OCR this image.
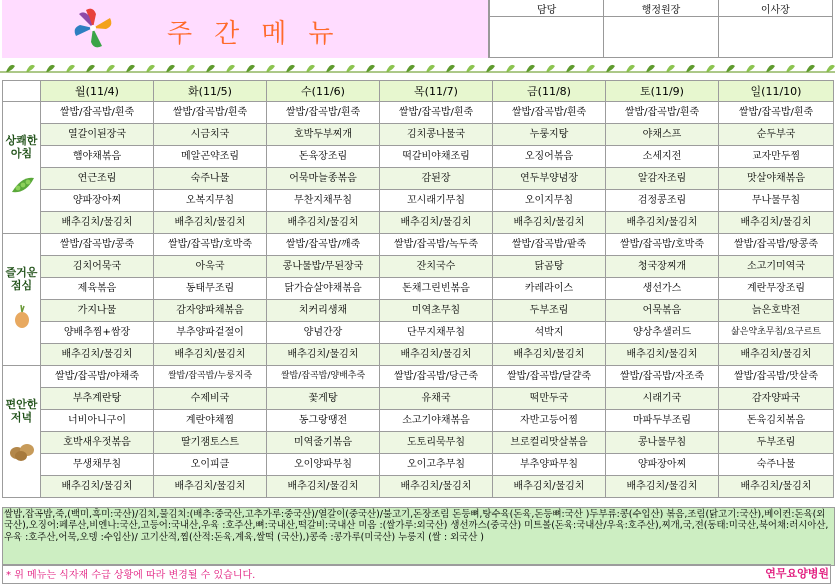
주간메뉴
담당	행정원장	이사장
	월(11/4)	화(11/5)	수(11/6)	목(11/7)	금(11/8)	토(11/9)	일(11/10)

상쾌한
아침	쌀밥/잡곡밥/흰죽	쌀밥/잡곡밥/흰죽	쌀밥/잡곡밥/흰죽	쌀밥/잡곡밥/흰죽	쌀밥/잡곡밥/흰죽	쌀밥/잡곡밥/흰죽	쌀밥/잡곡밥/흰죽
	열갈이된장국	시금치국	호박두부찌개	김치콩나물국	누룽지탕	야채스프	순두부국
	햄야채볶음	메알곤약조림	돈육장조림	떡갈비야채조림	오징어볶음	소세지전	교자만두찜
	연근조림	숙주나물	어묵마늘종볶음	감된장	연두부양념장	알감자조림	맛살야채볶음
	양파장아찌	오복지무침	무찬지채무침	꼬시래기무침	오이지무침	검정콩조림	무나물무침
	배추김치/물김치	배추김치/물김치	배추김치/물김치	배추김치/물김치	배추김치/물김치	배추김치/물김치	배추김치/물김치

즐거운
점심	쌀밥/잡곡밥/콩죽	쌀밥/잡곡밥/호박죽	쌀밥/잡곡밥/깨죽	쌀밥/잡곡밥/녹두죽	쌀밥/잡곡밥/팥죽	쌀밥/잡곡밥/호박죽	쌀밥/잡곡밥/땅콩죽
	김치어묵국	아욱국	콩나물밥/무된장국	잔치국수	닭곰탕	청국장찌개	소고기미역국
	제육볶음	동태무조림	닭가슴살야채볶음	돈채그린빈볶음	카레라이스	생선가스	계란무장조림
	가지나물	감자양파채볶음	치커리생채	미역초무침	두부조림	어묵볶음	늙은호박전
	양배추찜+쌈장	부추양파겉절이	양념간장	단무지채무침	석박지	양상추샐러드	삶은약초무침/요구르트
	배추김치/물김치	배추김치/물김치	배추김치/물김치	배추김치/물김치	배추김치/물김치	배추김치/물김치	배추김치/물김치

편안한
저녁	쌀밥/잡곡밥/야채죽	쌀밥/잡곡밥/누룽지죽	쌀밥/잡곡밥/양배추죽	쌀밥/잡곡밥/당근죽	쌀밥/잡곡밥/달걀죽	쌀밥/잡곡밥/자조죽	쌀밥/잡곡밥/맛살죽
	부추계란탕	수제비국	꽃게탕	유채국	떡만두국	시래기국	감자양파국
	너비아니구이	계란야채찜	동그랑땡전	소고기야채볶음	자반고등어찜	마파두부조림	돈육김치볶음
	호박새우젓볶음	딸기잼토스트	미역줄기볶음	도토리묵무침	브로컬리맛살볶음	콩나물무침	두부조림
	무생채무침	오이피클	오이양파무침	오이고추무침	부추양파무침	양파장아찌	숙주나물
	배추김치/물김치	배추김치/물김치	배추김치/물김치	배추김치/물김치	배추김치/물김치	배추김치/물김치	배추김치/물김치
쌀밥,잡곡밥,죽,(백미,흑미:국산)/김치,물김치:(배추:중국산,고추가루:중국산)/열갈이(중국산)/불고기,돈장조림 돈등뼈,탕수육(돈육,돈등뼈:국산 )두부류:콩(수입산) 볶음,조림(닭고기:국산),베이컨:돈육(외국산),오징어:페루산,비엔나:국산,고등어:국내산,우육 :호주산,뼈:국내산,떡갈비:국내산 미음 :(쌀가루:외국산) 생선까스(중국산) 미트볼(돈육:국내산/우육:호주산),찌개,국,전(동태:미국산,북어채:러시아산,우육 :호주산,어묵,오뎅 :수입산)/ 고기산적,찜(산적:돈육,계육,쌀떡 (국산),)콩죽 :콩가루(미국산) 누룽지 (쌀 : 외국산 )
* 위 메뉴는 식자재 수급 상황에 따라 변경될 수 있습니다.	연무요양병원
